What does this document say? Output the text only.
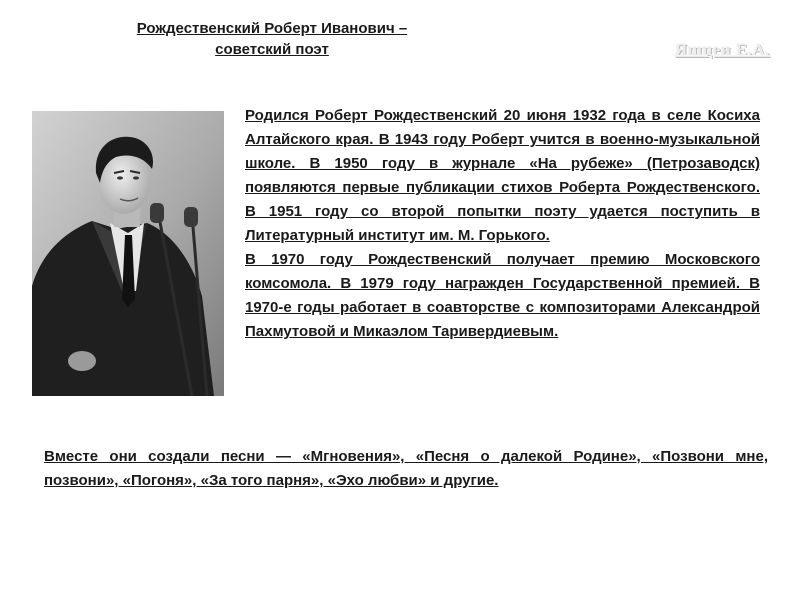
Рождественский Роберт Иванович –
советский поэт	Яшцен Е.А.

Родился Роберт Рождественский 20 июня 1932 года в селе Косиха Алтайского края. В 1943 году Роберт учится в военно-музыкальной школе. В 1950 году в журнале «На рубеже» (Петрозаводск) появляются первые публикации стихов Роберта Рождественского. В 1951 году со второй попытки поэту удается поступить в Литературный институт им. М. Горького.

В 1970 году Рождественский получает премию Московского комсомола. В 1979 году награжден Государственной премией. В 1970-е годы работает в соавторстве с композиторами Александрой Пахмутовой и Микаэлом Таривердиевым.

Вместе они создали песни — «Мгновения», «Песня о далекой Родине», «Позвони мне, позвони», «Погоня», «За того парня», «Эхо любви» и другие.
